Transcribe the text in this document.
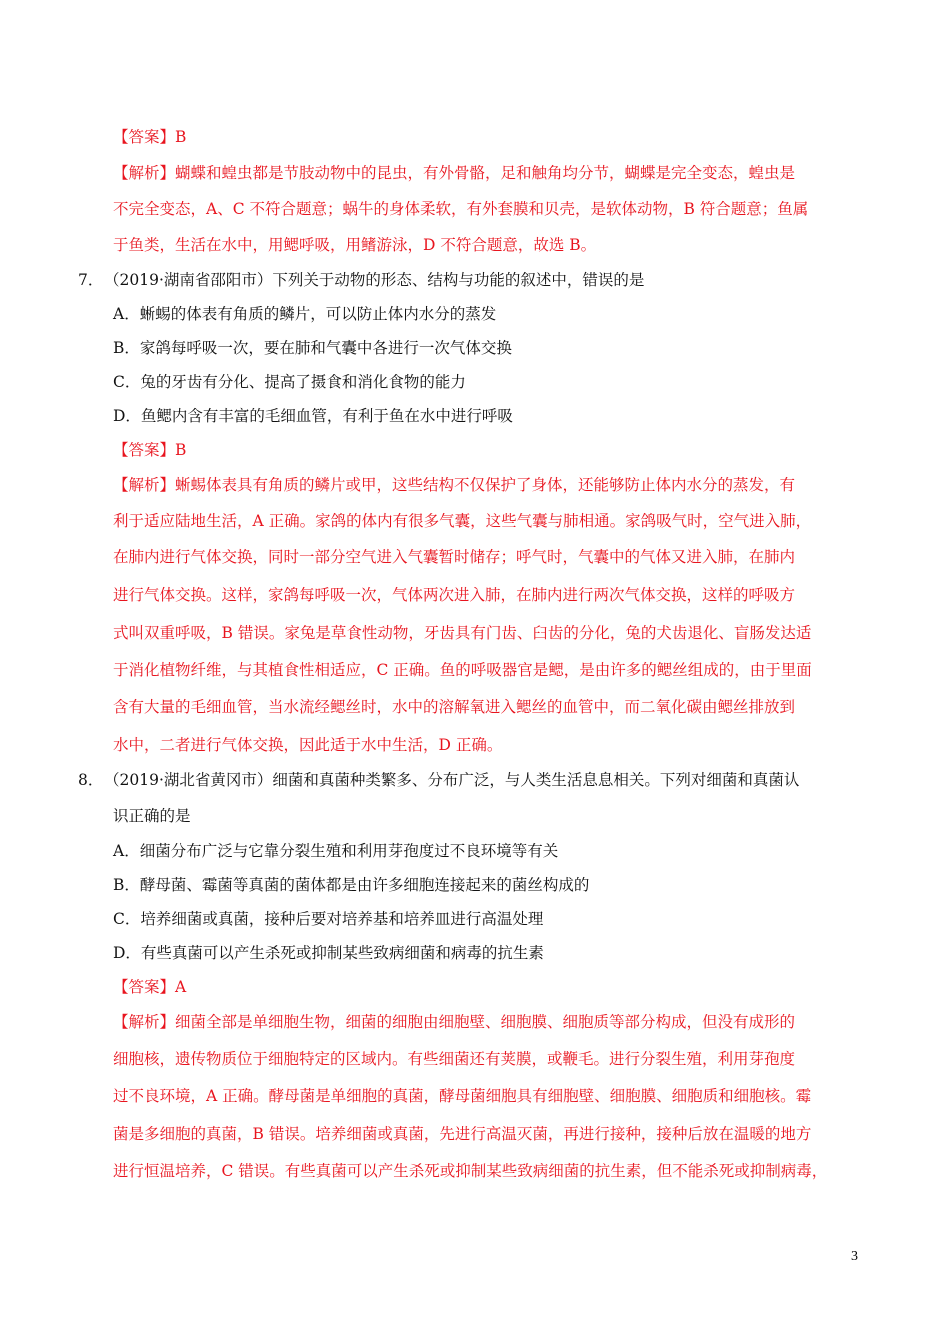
【答案】B
【解析】蝴蝶和蝗虫都是节肢动物中的昆虫，有外骨骼，足和触角均分节，蝴蝶是完全变态，蝗虫是
不完全变态，A、C 不符合题意；蜗牛的身体柔软，有外套膜和贝壳，是软体动物，B 符合题意；鱼属
于鱼类，生活在水中，用鳃呼吸，用鳍游泳，D 不符合题意，故选 B。
7． （2019·湖南省邵阳市）下列关于动物的形态、结构与功能的叙述中，错误的是
A．蜥蜴的体表有角质的鳞片，可以防止体内水分的蒸发
B．家鸽每呼吸一次，要在肺和气囊中各进行一次气体交换
C．兔的牙齿有分化、提高了摄食和消化食物的能力
D．鱼鳃内含有丰富的毛细血管，有利于鱼在水中进行呼吸
【答案】B
【解析】蜥蜴体表具有角质的鳞片或甲，这些结构不仅保护了身体，还能够防止体内水分的蒸发，有
利于适应陆地生活，A 正确。家鸽的体内有很多气囊，这些气囊与肺相通。家鸽吸气时，空气进入肺，
在肺内进行气体交换，同时一部分空气进入气囊暂时储存；呼气时，气囊中的气体又进入肺，在肺内
进行气体交换。这样，家鸽每呼吸一次，气体两次进入肺，在肺内进行两次气体交换，这样的呼吸方
式叫双重呼吸，B 错误。家兔是草食性动物，牙齿具有门齿、臼齿的分化，兔的犬齿退化、盲肠发达适
于消化植物纤维，与其植食性相适应，C 正确。鱼的呼吸器官是鳃，是由许多的鳃丝组成的，由于里面
含有大量的毛细血管，当水流经鳃丝时，水中的溶解氧进入鳃丝的血管中，而二氧化碳由鳃丝排放到
水中，二者进行气体交换，因此适于水中生活，D 正确。
8． （2019·湖北省黄冈市）细菌和真菌种类繁多、分布广泛，与人类生活息息相关。下列对细菌和真菌认
识正确的是
A．细菌分布广泛与它靠分裂生殖和利用芽孢度过不良环境等有关
B．酵母菌、霉菌等真菌的菌体都是由许多细胞连接起来的菌丝构成的
C．培养细菌或真菌，接种后要对培养基和培养皿进行高温处理
D．有些真菌可以产生杀死或抑制某些致病细菌和病毒的抗生素
【答案】A
【解析】细菌全部是单细胞生物，细菌的细胞由细胞壁、细胞膜、细胞质等部分构成，但没有成形的
细胞核，遗传物质位于细胞特定的区域内。有些细菌还有荚膜，或鞭毛。进行分裂生殖，利用芽孢度
过不良环境，A 正确。酵母菌是单细胞的真菌，酵母菌细胞具有细胞壁、细胞膜、细胞质和细胞核。霉
菌是多细胞的真菌，B 错误。培养细菌或真菌，先进行高温灭菌，再进行接种，接种后放在温暖的地方
进行恒温培养，C 错误。有些真菌可以产生杀死或抑制某些致病细菌的抗生素，但不能杀死或抑制病毒，
3
